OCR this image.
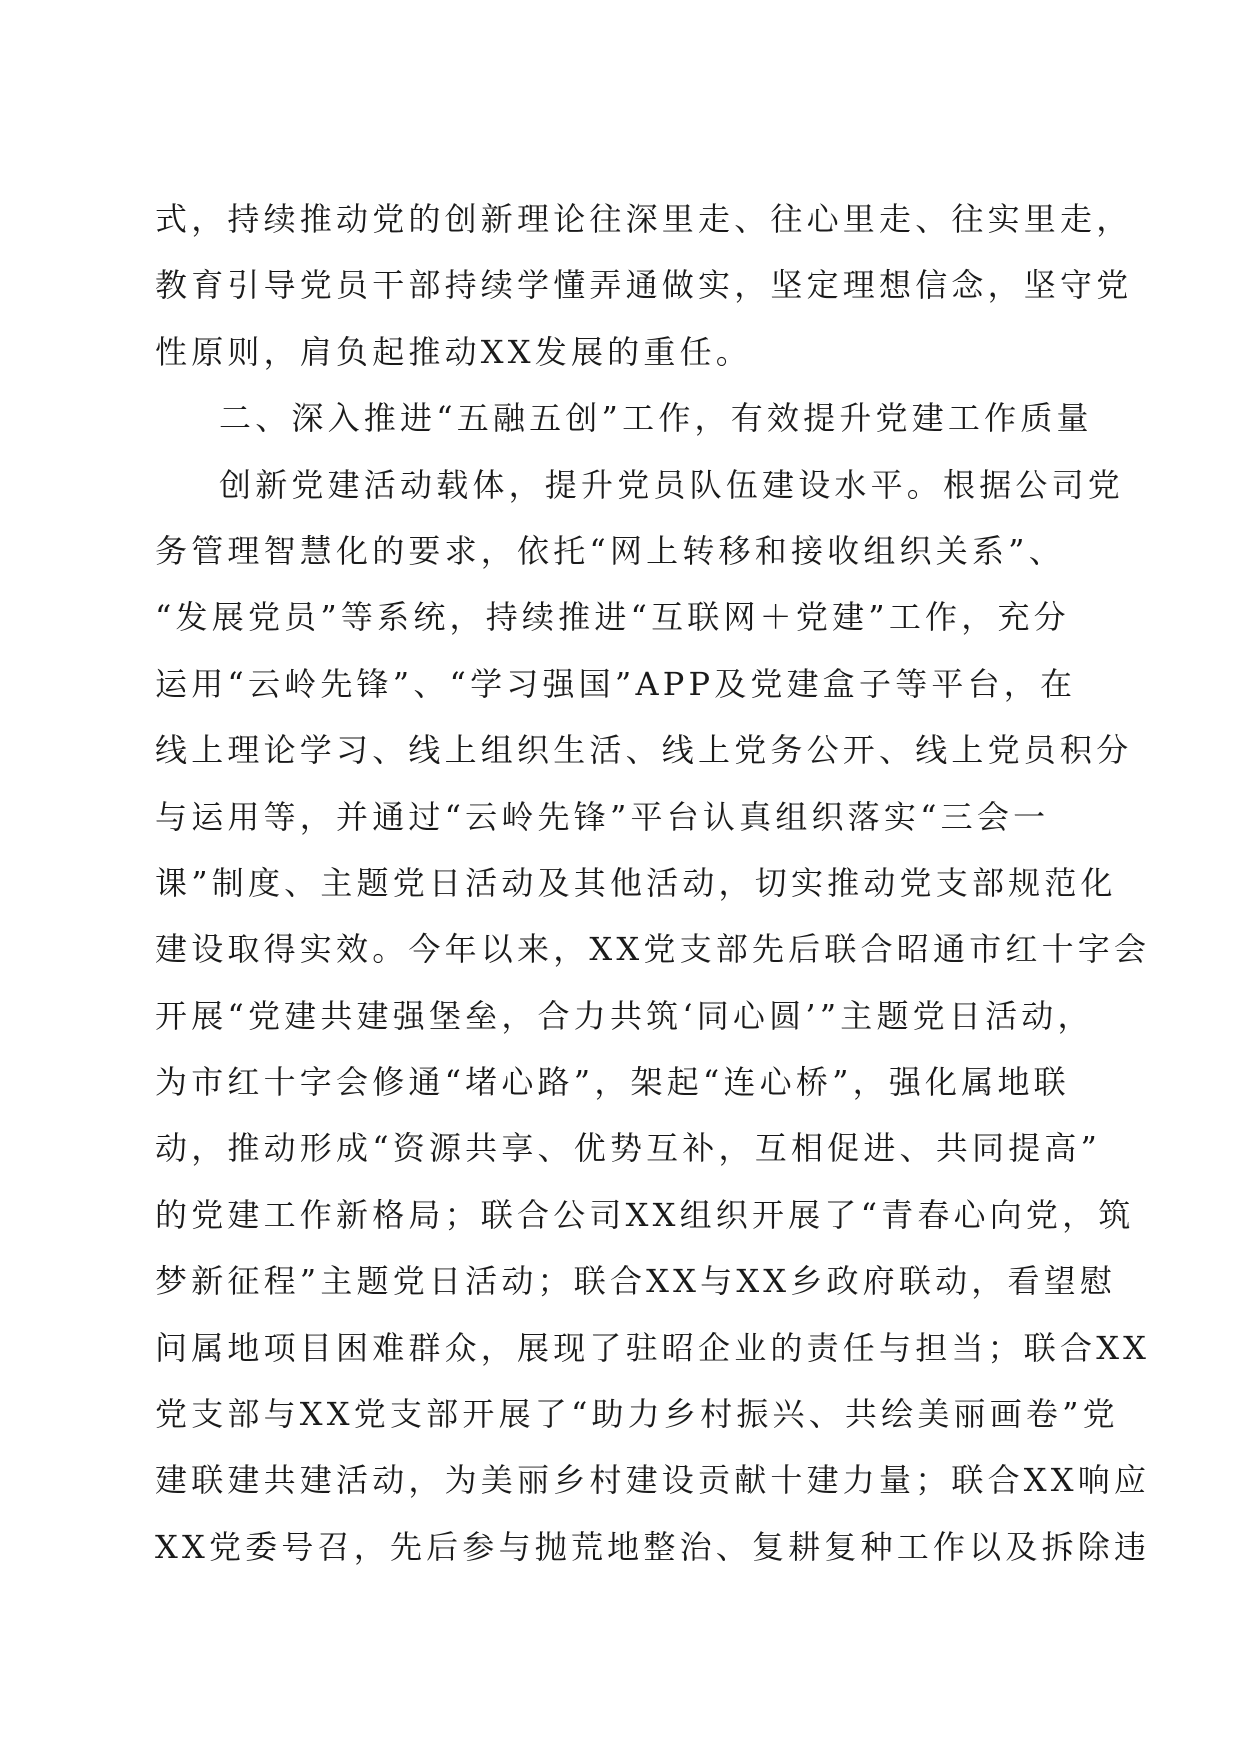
式，持续推动党的创新理论往深里走、往心里走、往实里走，
教育引导党员干部持续学懂弄通做实，坚定理想信念，坚守党
性原则，肩负起推动XX发展的重任。
二、深入推进“五融五创”工作，有效提升党建工作质量
创新党建活动载体，提升党员队伍建设水平。根据公司党
务管理智慧化的要求，依托“网上转移和接收组织关系”、
“发展党员”等系统，持续推进“互联网＋党建”工作，充分
运用“云岭先锋”、“学习强国”APP及党建盒子等平台，在
线上理论学习、线上组织生活、线上党务公开、线上党员积分
与运用等，并通过“云岭先锋”平台认真组织落实“三会一
课”制度、主题党日活动及其他活动，切实推动党支部规范化
建设取得实效。今年以来，XX党支部先后联合昭通市红十字会
开展“党建共建强堡垒，合力共筑‘同心圆’”主题党日活动，
为市红十字会修通“堵心路”，架起“连心桥”，强化属地联
动，推动形成“资源共享、优势互补，互相促进、共同提高”
的党建工作新格局；联合公司XX组织开展了“青春心向党，筑
梦新征程”主题党日活动；联合XX与XX乡政府联动，看望慰
问属地项目困难群众，展现了驻昭企业的责任与担当；联合XX
党支部与XX党支部开展了“助力乡村振兴、共绘美丽画卷”党
建联建共建活动，为美丽乡村建设贡献十建力量；联合XX响应
XX党委号召，先后参与抛荒地整治、复耕复种工作以及拆除违
